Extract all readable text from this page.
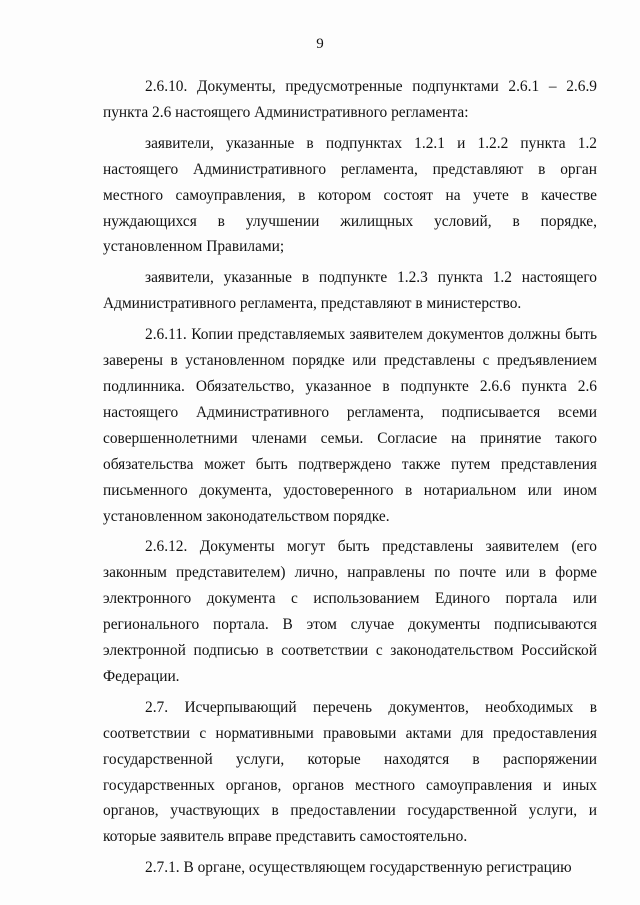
9

2.6.10. Документы, предусмотренные подпунктами 2.6.1 – 2.6.9 пункта 2.6 настоящего Административного регламента:

заявители, указанные в подпунктах 1.2.1 и 1.2.2 пункта 1.2 настоящего Административного регламента, представляют в орган местного самоуправления, в котором состоят на учете в качестве нуждающихся в улучшении жилищных условий, в порядке, установленном Правилами;

заявители, указанные в подпункте 1.2.3 пункта 1.2 настоящего Административного регламента, представляют в министерство.

2.6.11. Копии представляемых заявителем документов должны быть заверены в установленном порядке или представлены с предъявлением подлинника. Обязательство, указанное в подпункте 2.6.6 пункта 2.6 настоящего Административного регламента, подписывается всеми совершеннолетними членами семьи. Согласие на принятие такого обязательства может быть подтверждено также путем представления письменного документа, удостоверенного в нотариальном или ином установленном законодательством порядке.

2.6.12. Документы могут быть представлены заявителем (его законным представителем) лично, направлены по почте или в форме электронного документа с использованием Единого портала или регионального портала. В этом случае документы подписываются электронной подписью в соответствии с законодательством Российской Федерации.

2.7. Исчерпывающий перечень документов, необходимых в соответствии с нормативными правовыми актами для предоставления государственной услуги, которые находятся в распоряжении государственных органов, органов местного самоуправления и иных органов, участвующих в предоставлении государственной услуги, и которые заявитель вправе представить самостоятельно.

2.7.1. В органе, осуществляющем государственную регистрацию
